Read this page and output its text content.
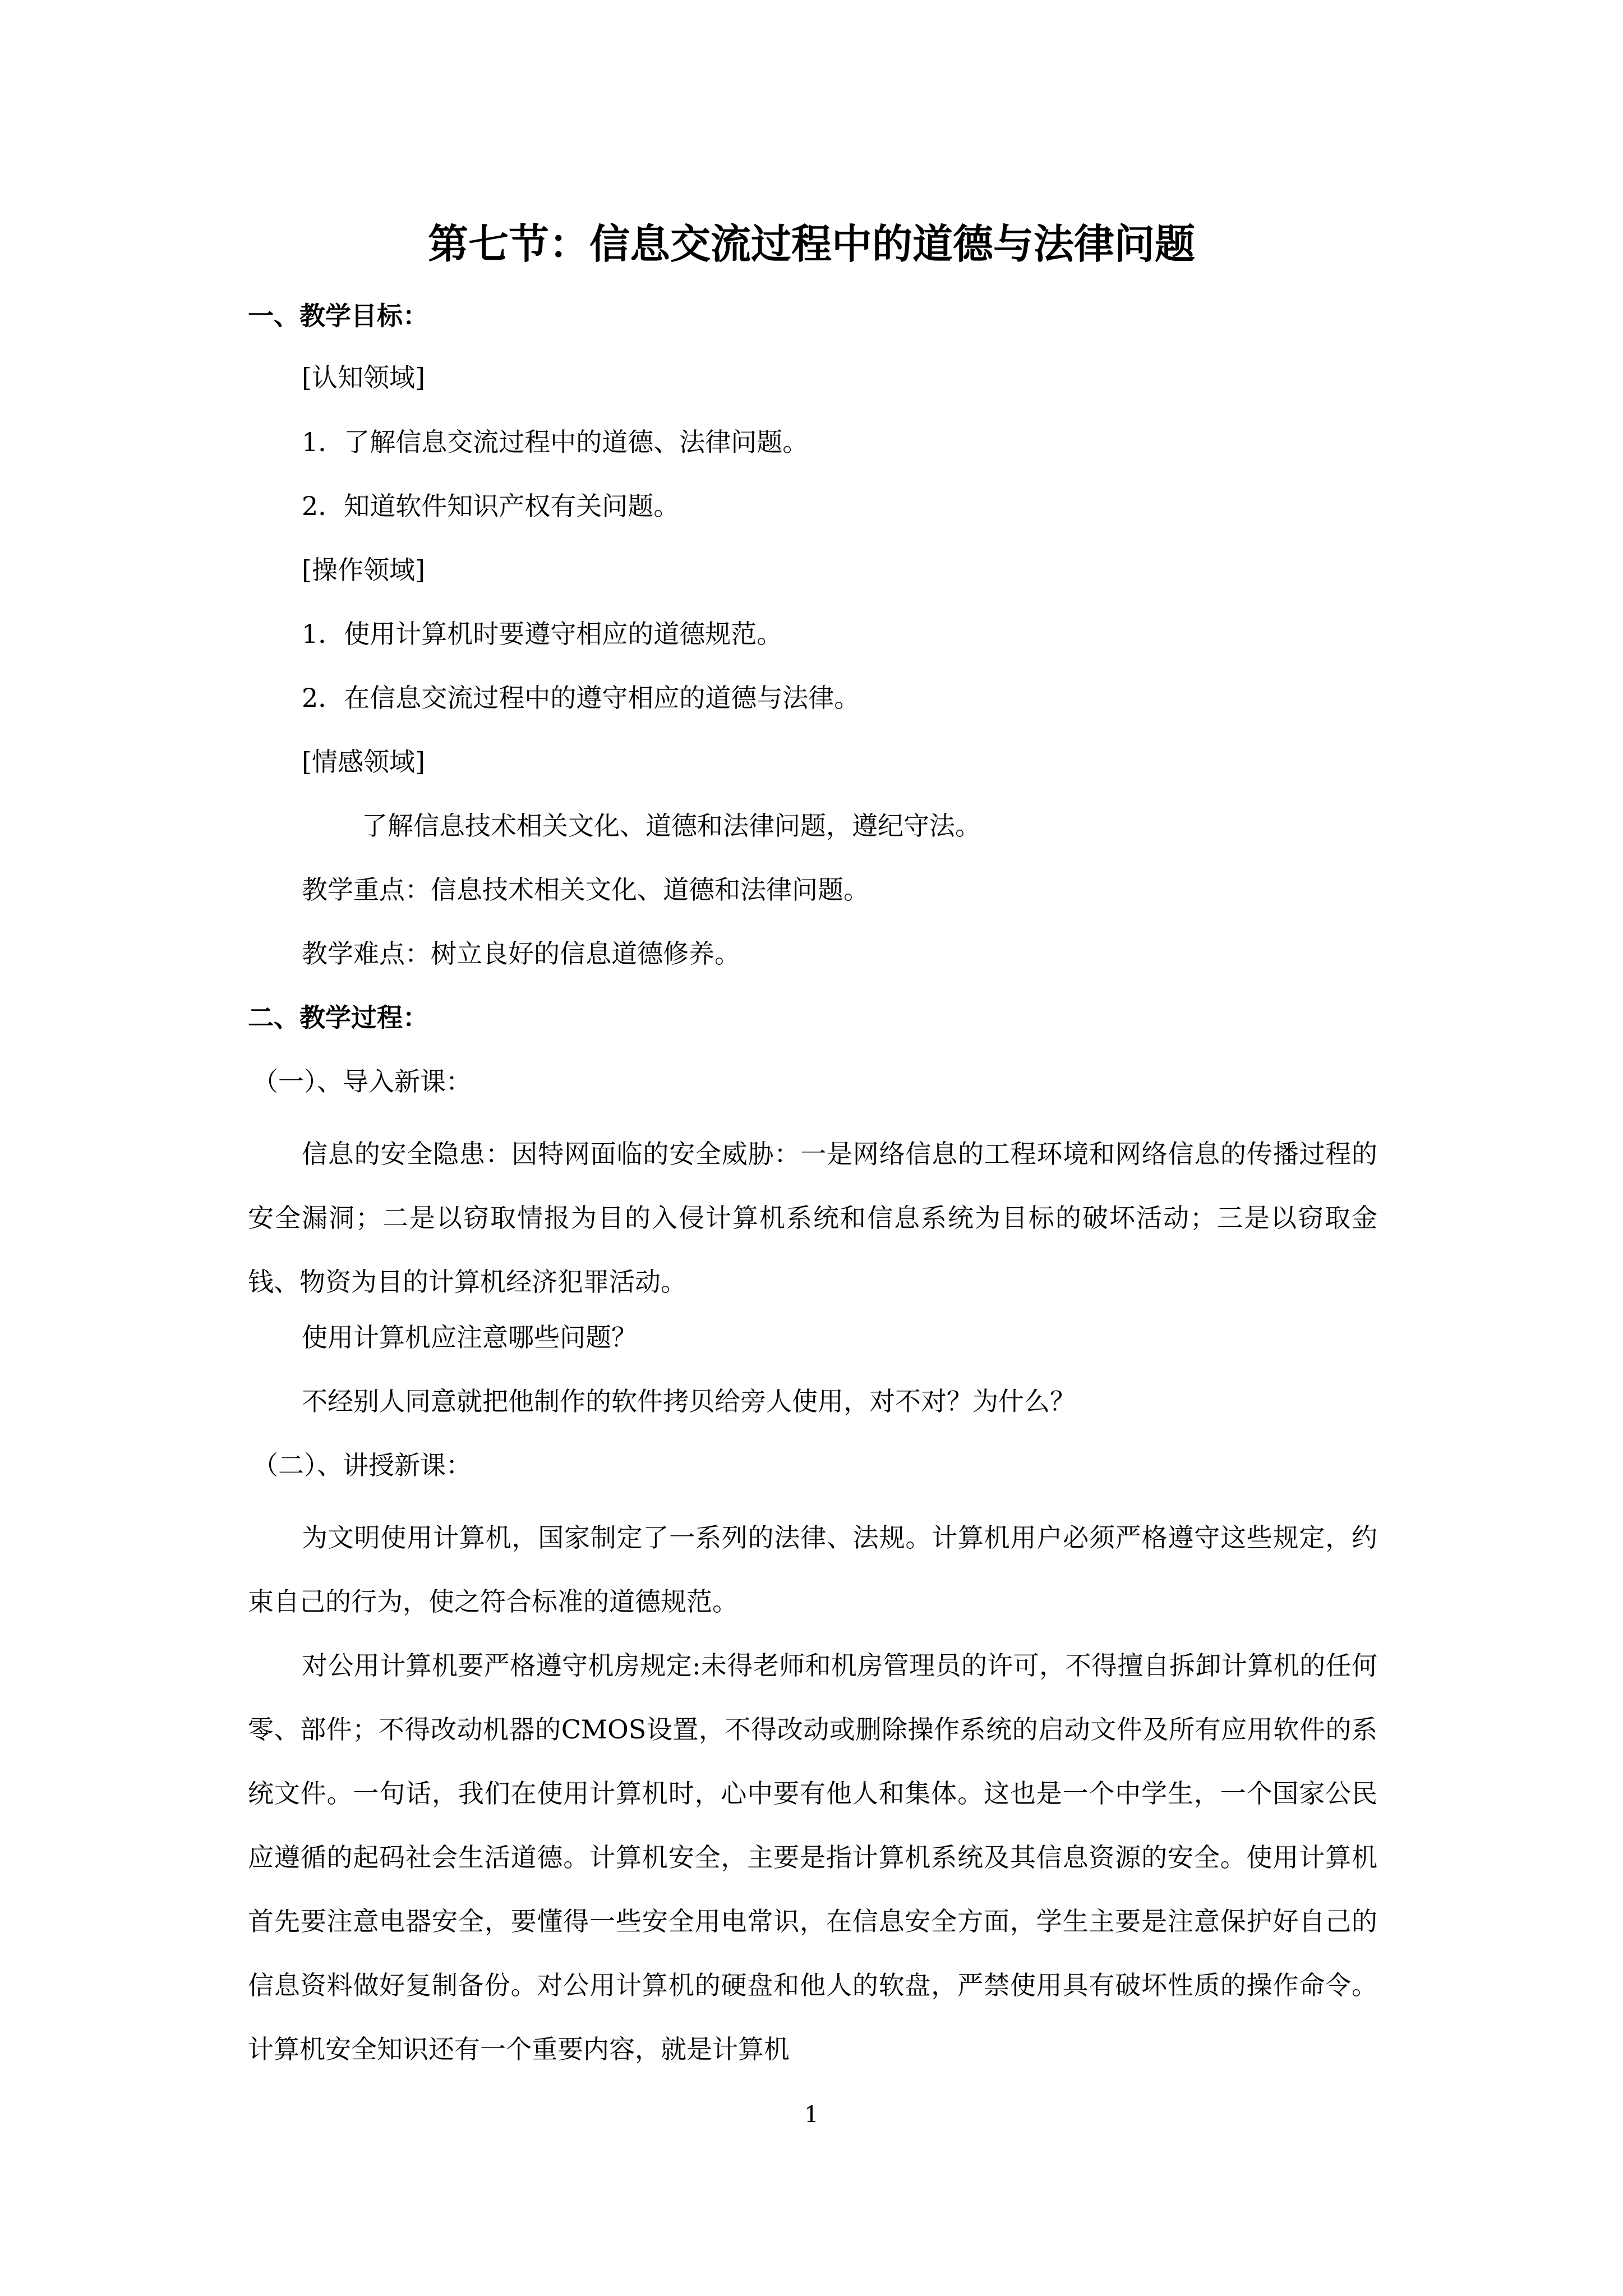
第七节：信息交流过程中的道德与法律问题

一、教学目标：

[认知领域]

1．了解信息交流过程中的道德、法律问题。

2．知道软件知识产权有关问题。

[操作领域]

1．使用计算机时要遵守相应的道德规范。

2．在信息交流过程中的遵守相应的道德与法律。

[情感领域]

了解信息技术相关文化、道德和法律问题，遵纪守法。

教学重点：信息技术相关文化、道德和法律问题。

教学难点：树立良好的信息道德修养。

二、教学过程：

（一）、导入新课：

信息的安全隐患：因特网面临的安全威胁：一是网络信息的工程环境和网络信息的传播过程的安全漏洞；二是以窃取情报为目的入侵计算机系统和信息系统为目标的破坏活动；三是以窃取金钱、物资为目的计算机经济犯罪活动。

使用计算机应注意哪些问题？

不经别人同意就把他制作的软件拷贝给旁人使用，对不对？为什么？

（二）、讲授新课：

为文明使用计算机，国家制定了一系列的法律、法规。计算机用户必须严格遵守这些规定，约束自己的行为，使之符合标准的道德规范。

对公用计算机要严格遵守机房规定:未得老师和机房管理员的许可，不得擅自拆卸计算机的任何零、部件；不得改动机器的CMOS设置，不得改动或删除操作系统的启动文件及所有应用软件的系统文件。一句话，我们在使用计算机时，心中要有他人和集体。这也是一个中学生，一个国家公民应遵循的起码社会生活道德。计算机安全，主要是指计算机系统及其信息资源的安全。使用计算机首先要注意电器安全，要懂得一些安全用电常识，在信息安全方面，学生主要是注意保护好自己的信息资料做好复制备份。对公用计算机的硬盘和他人的软盘，严禁使用具有破坏性质的操作命令。计算机安全知识还有一个重要内容，就是计算机

1
